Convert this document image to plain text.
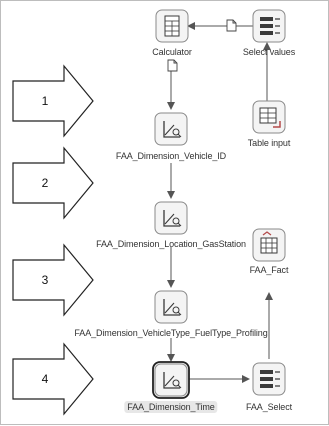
Calculator	Select values
Table input
FAA_Dimension_Vehicle_ID
FAA_Dimension_Location_GasStation
FAA_Dimension_VehicleType_FuelType_Profiling
FAA_Dimension_Time	FAA_Select
FAA_Fact
1
2
3
4
